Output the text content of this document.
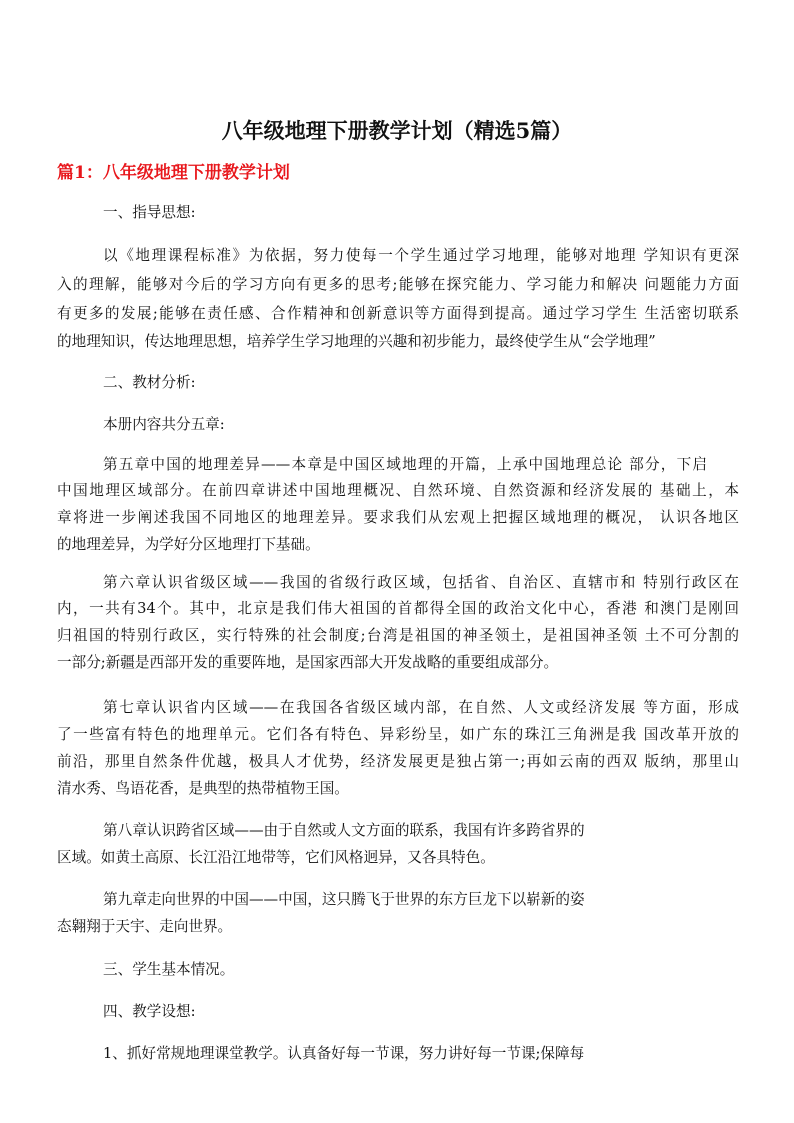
八年级地理下册教学计划（精选5篇）
篇1：八年级地理下册教学计划
一、指导思想:
以《地理课程标准》为依据，努力使每一个学生通过学习地理，能够对地理 学知识有更深
入的理解，能够对今后的学习方向有更多的思考;能够在探究能力、学习能力和解决 问题能力方面
有更多的发展;能够在责任感、合作精神和创新意识等方面得到提高。通过学习学生 生活密切联系
的地理知识，传达地理思想，培养学生学习地理的兴趣和初步能力，最终使学生从“会学地理”
二、教材分析:
本册内容共分五章:
第五章中国的地理差异——本章是中国区域地理的开篇，上承中国地理总论 部分，下启
中国地理区域部分。在前四章讲述中国地理概况、自然环境、自然资源和经济发展的 基础上，本
章将进一步阐述我国不同地区的地理差异。要求我们从宏观上把握区域地理的概况， 认识各地区
的地理差异，为学好分区地理打下基础。
第六章认识省级区域——我国的省级行政区域，包括省、自治区、直辖市和 特别行政区在
内，一共有34个。其中，北京是我们伟大祖国的首都得全国的政治文化中心，香港 和澳门是刚回
归祖国的特别行政区，实行特殊的社会制度;台湾是祖国的神圣领土，是祖国神圣领 土不可分割的
一部分;新疆是西部开发的重要阵地，是国家西部大开发战略的重要组成部分。
第七章认识省内区域——在我国各省级区域内部，在自然、人文或经济发展 等方面，形成
了一些富有特色的地理单元。它们各有特色、异彩纷呈，如广东的珠江三角洲是我 国改革开放的
前沿，那里自然条件优越，极具人才优势，经济发展更是独占第一;再如云南的西双 版纳，那里山
清水秀、鸟语花香，是典型的热带植物王国。
第八章认识跨省区域——由于自然或人文方面的联系，我国有许多跨省界的
区域。如黄土高原、长江沿江地带等，它们风格迥异，又各具特色。
第九章走向世界的中国——中国，这只腾飞于世界的东方巨龙下以崭新的姿
态翱翔于天宇、走向世界。
三、学生基本情况。
四、教学设想:
1、抓好常规地理课堂教学。认真备好每一节课，努力讲好每一节课;保障每
